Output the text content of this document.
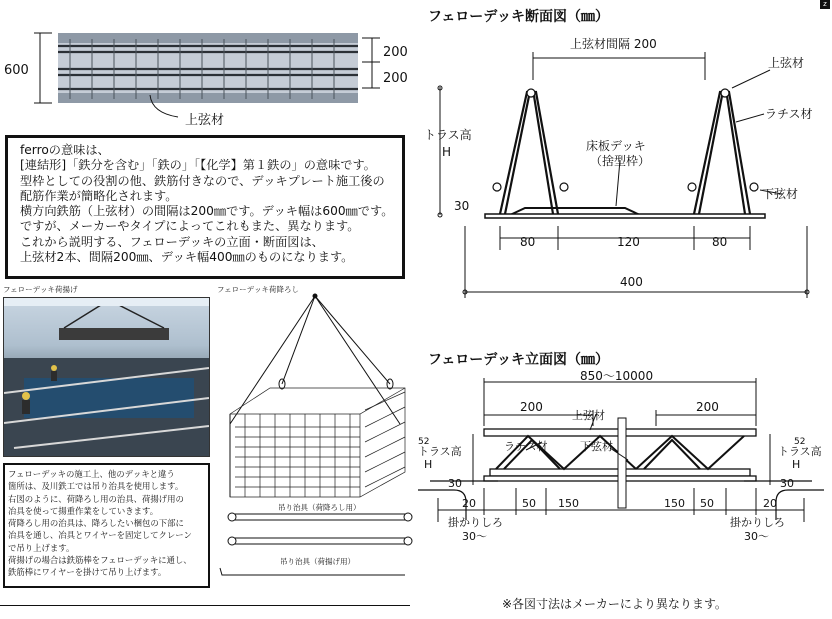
z
600
200
200
上弦材
ferroの意味は、
[連結形]「鉄分を含む」「鉄の」「【化学】第１鉄の」の意味です。
型枠としての役割の他、鉄筋付きなので、デッキプレート施工後の
配筋作業が簡略化されます。
横方向鉄筋（上弦材）の間隔は200㎜です。デッキ幅は600㎜です。
ですが、メーカーやタイプによってこれもまた、異なります。
これから説明する、フェローデッキの立面・断面図は、
上弦材2本、間隔200㎜、デッキ幅400㎜のものになります。
フェローデッキ荷揚げ
フェローデッキの施工上、他のデッキと違う
箇所は、及川鉄工では吊り治具を使用します。
右図のように、荷降ろし用の治具、荷揚げ用の
冶具を使って揚重作業をしていきます。
荷降ろし用の治具は、降ろしたい梱包の下部に
冶具を通し、冶具とワイヤーを固定してクレーン
で吊り上げます。
荷揚げの場合は鉄筋棒をフェローデッキに通し、
鉄筋棒にワイヤーを掛けて吊り上げます。
フェローデッキ荷降ろし
吊り治具（荷降ろし用）
吊り治具（荷揚げ用）
フェローデッキ断面図（㎜）
上弦材間隔 200
上弦材
ラチス材
下弦材
トラス高
H	床板デッキ
（捨型枠）
30
80	120	80
400
フェローデッキ立面図（㎜）
850～10000
200	200
上弦材
ラチス材	下弦材
トラス高
H
52
トラス高
H
52
30	30
20	50 150	150 50	20
掛かりしろ
30～
掛かりしろ
30～
※各図寸法はメーカーにより異なります。
